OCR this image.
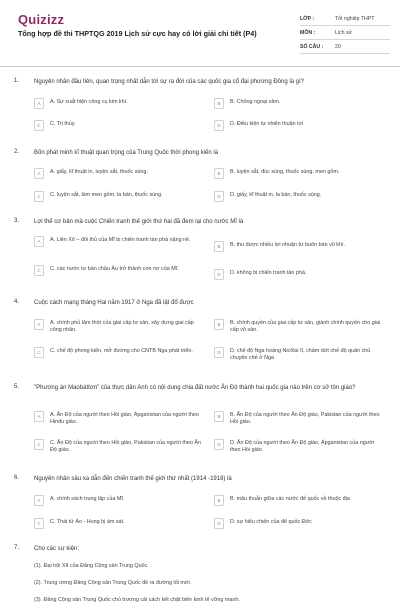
Quizizz
Tổng hợp đề thi THPTQG 2019 Lịch sử cực hay có lời giải chi tiết (P4)
LỚP :	Tốt nghiệp THPT
MÔN :	Lịch sử
SỐ CÂU :	20
1. Nguyên nhân đầu tiên, quan trọng nhất dẫn tới sự ra đời của các quốc gia cổ đại phương Đông là gì?
A	A. Sự xuất hiện công cụ kim khí.	B	B. Chống ngoại xâm.
C	C. Trị thủy.	D	D. Điều kiện tự nhiên thuận lợi
2. Bốn phát minh kĩ thuật quan trọng của Trung Quốc thời phong kiến là
A	A. giấy, kĩ thuật in, luyện sắt, thuốc súng.	B	B. luyện sắt, đúc súng, thuốc súng, men gốm.
C	C. luyện sắt, làm men gốm, la bàn, thuốc súng.	D	D. giấy, kĩ thuật in, la bàn, thuốc súng.
3. Lợi thế cơ bản mà cuộc Chiến tranh thế giới thứ hai đã đem lại cho nước Mĩ là
A	A. Liên Xô – đối thủ của Mĩ bị chiến tranh tàn phá nặng nề.
B	B. thu được nhiều lợi nhuận từ buôn bán vũ khí.
C	C. các nước tư bản châu Âu trở thành con nợ của Mĩ.
D	D. không bị chiến tranh tàn phá.
4. Cuộc cách mạng tháng Hai năm 1917 ở Nga đã lật đổ được
A	A. chính phủ lâm thời của giai cấp tư sản, xây dựng giai cấp công nhân.
B	B. chính quyền của giai cấp tư sản, giành chính quyền cho giai cấp vô sản.
C	C. chế độ phong kiến, mở đường cho CNTB Nga phát triển.	D	D. chế độ Nga hoàng Nicôlai II, chấm dứt chế độ quân chủ chuyên chế ở Nga
5. "Phương án Maobáttơn" của thực dân Anh có nội dung chia đất nước Ấn Độ thành hai quốc gia nào trên cơ sở tôn giáo?
A	A. Ấn Độ của người theo Hồi giáo, Ápganixtan của người theo Hindu giáo.
B	B. Ấn Độ của người theo Ấn Độ giáo, Pakistan của người theo Hồi giáo.
C	C. Ấn Độ của người theo Hồi giáo, Pakistan của người theo Ấn Độ giáo.
D	D. Ấn Độ của người theo Ấn Độ giáo, Ápganixtan của người theo Hồi giáo
6. Nguyên nhân sâu xa dẫn đến chiến tranh thế giới thứ nhất (1914 -1918) là
A	A. chính sách trung lập của Mĩ.	B	B. mâu thuẫn giữa các nước đế quốc về thuộc địa
C	C. Thái tử Áo - Hung bị ám sát.	D	D. sự hiếu chiến của đế quốc Đức
7. Cho các sự kiện:
(1). Đại hội XII của Đảng Cộng sản Trung Quốc.
(2). Trung ương Đảng Cộng sản Trung Quốc đề ra đường lối mới.
(3). Đảng Cộng sản Trung Quốc chủ trương cải cách kết chặt biên kinh tế vững mạnh.
